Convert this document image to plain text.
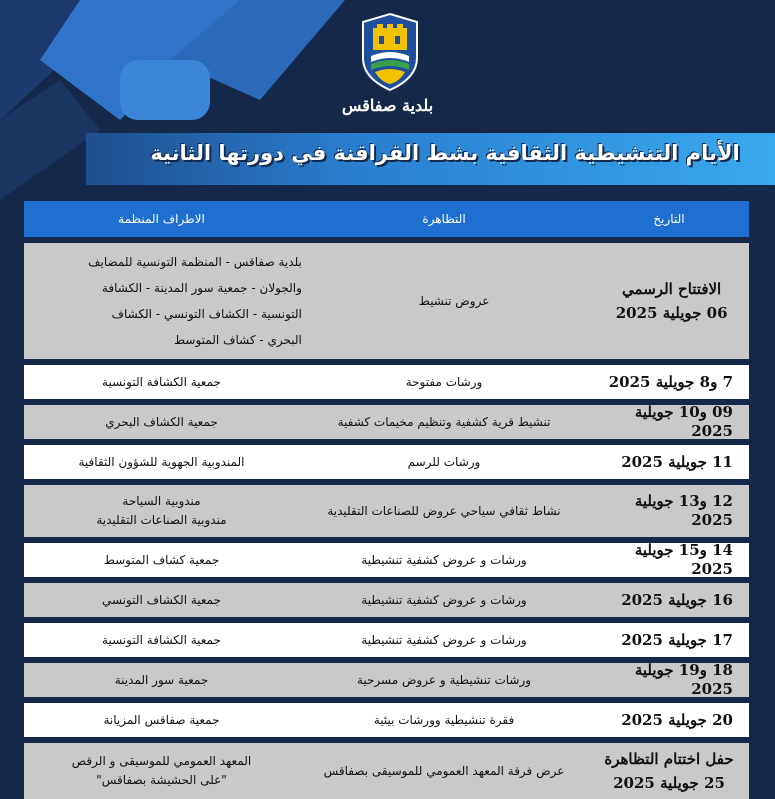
بلدية صفاقس
الأيام التنشيطية الثقافية بشط القراقنة في دورتها الثانية
التاريخ
التظاهرة
الاطراف المنظمة
الافتتاح الرسمي
06 جويلية 2025
عروض تنشيط
بلدية صفاقس - المنظمة التونسية للمضايف
والجولان - جمعية سور المدينة - الكشافة
التونسية - الكشاف التونسي - الكشاف
البحري - كشاف المتوسط
7 و8 جويلية 2025
ورشات مفتوحة
جمعية الكشافة التونسية
09 و10 جويلية 2025
تنشيط قرية كشفية وتنظيم مخيمات كشفية
جمعية الكشاف البحري
11 جويلية 2025
ورشات للرسم
المندوبية الجهوية للشؤون الثقافية
12 و13 جويلية 2025
نشاط ثقافي سياحي عروض للصناعات التقليدية
مندوبية السياحة
مندوبية الصناعات التقليدية
14 و15 جويلية 2025
ورشات و عروض كشفية تنشيطية
جمعية كشاف المتوسط
16 جويلية 2025
ورشات و عروض كشفية تنشيطية
جمعية الكشاف التونسي
17 جويلية 2025
ورشات و عروض كشفية تنشيطية
جمعية الكشافة التونسية
18 و19 جويلية 2025
ورشات تنشيطية و عروض مسرحية
جمعية سور المدينة
20 جويلية 2025
فقرة تنشيطية وورشات بيئية
جمعية صفاقس المزيانة
حفل اختتام التظاهرة
25 جويلية 2025
عرض فرقة المعهد العمومي للموسيقى بصفاقس
المعهد العمومي للموسيقى و الرقص
"على الحشيشة بصفاقس"
